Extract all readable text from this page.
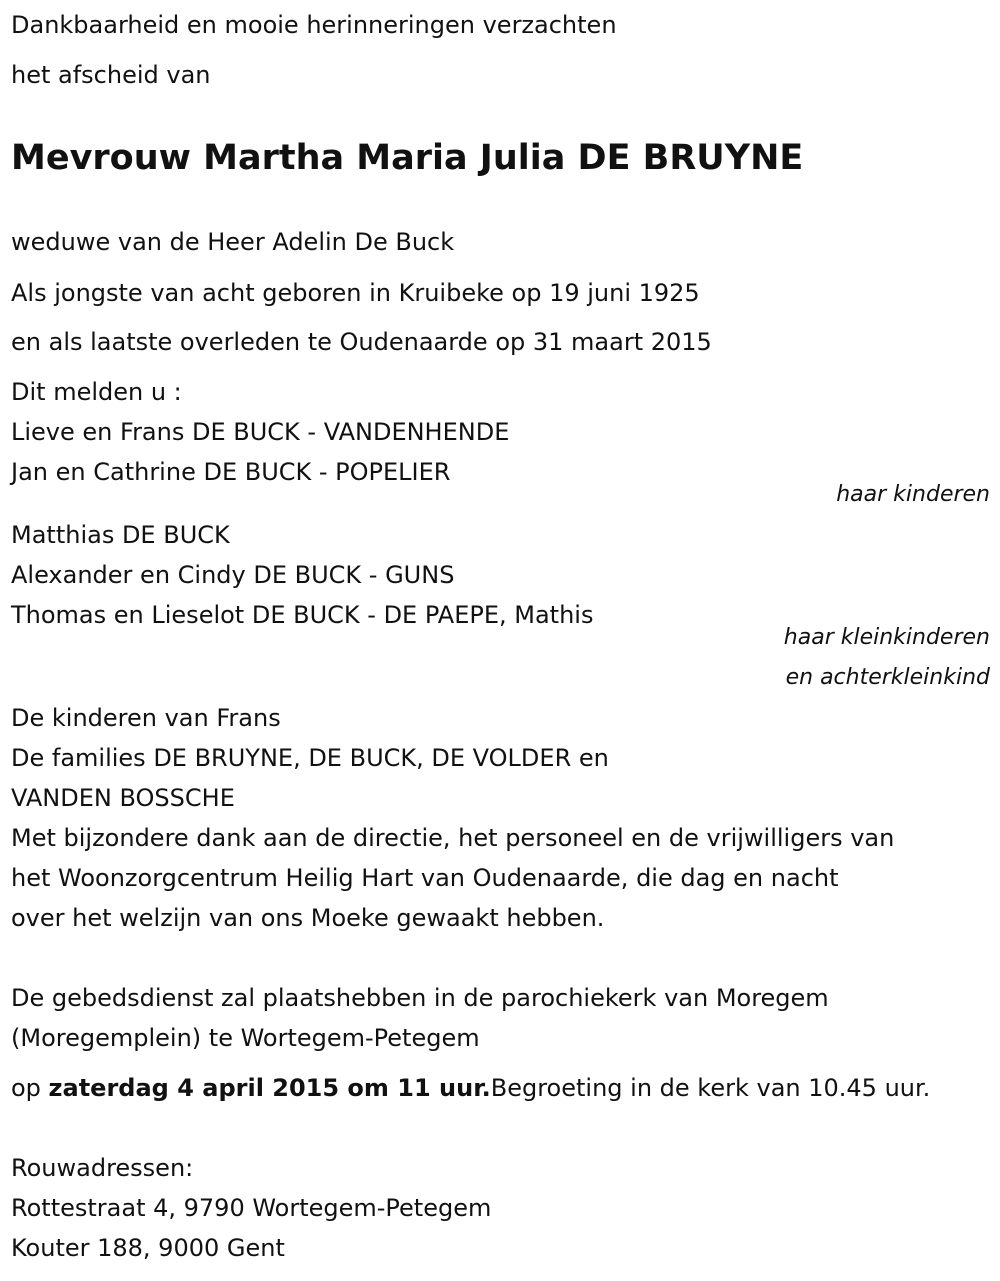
Dankbaarheid en mooie herinneringen verzachten
het afscheid van
Mevrouw Martha Maria Julia DE BRUYNE
weduwe van de Heer Adelin De Buck
Als jongste van acht geboren in Kruibeke op 19 juni 1925
en als laatste overleden te Oudenaarde op 31 maart 2015
Dit melden u :
Lieve en Frans DE BUCK - VANDENHENDE
Jan en Cathrine DE BUCK - POPELIER
haar kinderen
Matthias DE BUCK
Alexander en Cindy DE BUCK - GUNS
Thomas en Lieselot DE BUCK - DE PAEPE, Mathis
haar kleinkinderen
en achterkleinkind
De kinderen van Frans
De families DE BRUYNE, DE BUCK, DE VOLDER en
VANDEN BOSSCHE
Met bijzondere dank aan de directie, het personeel en de vrijwilligers van
het Woonzorgcentrum Heilig Hart van Oudenaarde, die dag en nacht
over het welzijn van ons Moeke gewaakt hebben.
De gebedsdienst zal plaatshebben in de parochiekerk van Moregem
(Moregemplein) te Wortegem-Petegem
op zaterdag 4 april 2015 om 11 uur.Begroeting in de kerk van 10.45 uur.
Rouwadressen:
Rottestraat 4, 9790 Wortegem-Petegem
Kouter 188, 9000 Gent
